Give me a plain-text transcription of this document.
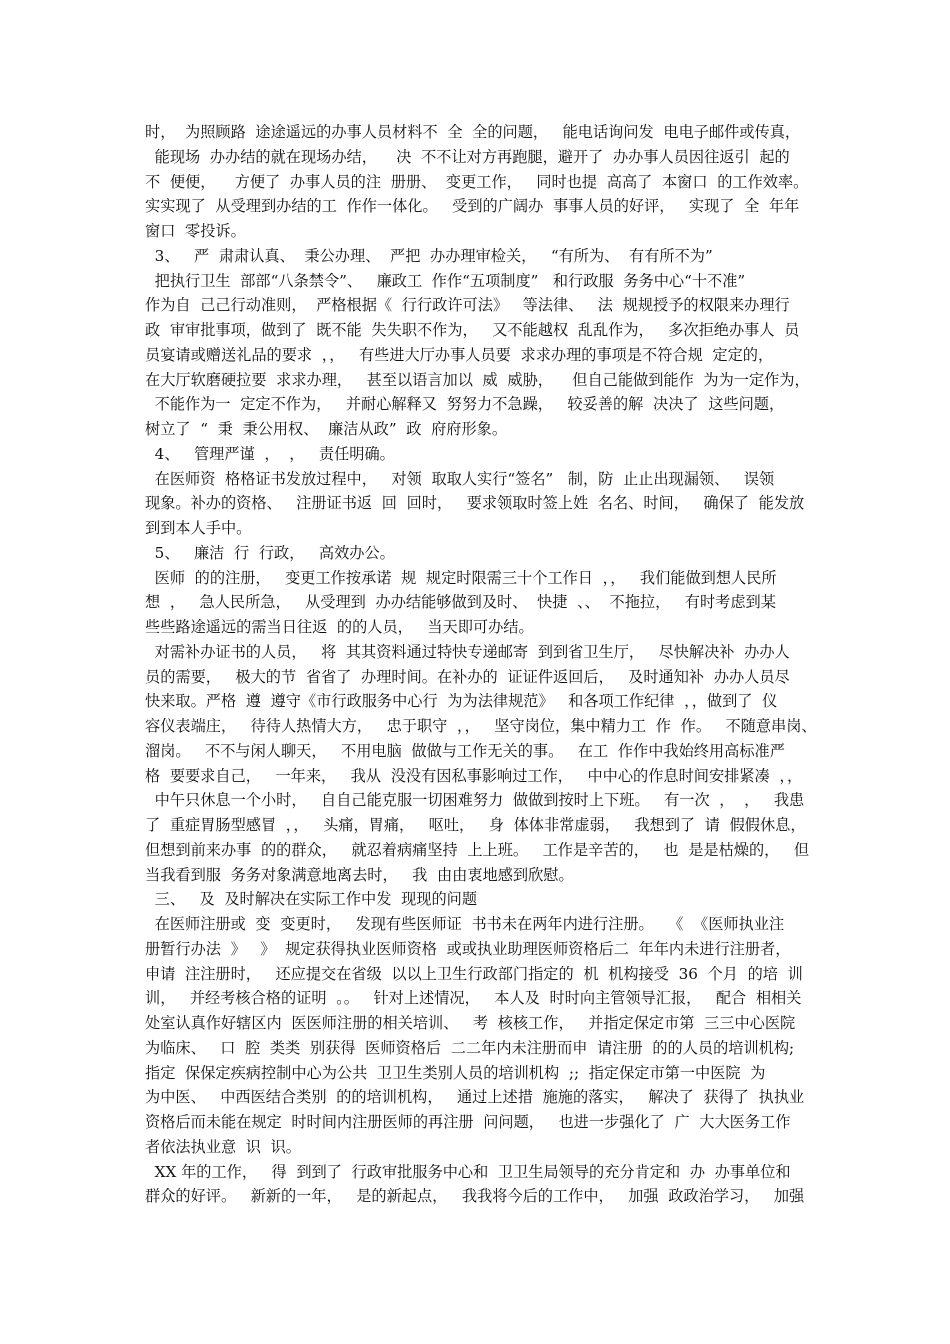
时，  为照顾路  途途遥远的办事人员材料不  全  全的问题，   能电话询问发  电电子邮件或传真，
能现场  办办结的就在现场办结，    决  不不让对方再跑腿，避开了  办办事人员因往返引  起的
不  便便，    方便了  办事人员的注  册册、  变更工作，   同时也提  高高了  本窗口  的工作效率。
实实现了  从受理到办结的工  作作一体化。   受到的广阔办  事事人员的好评，   实现了  全  年年
窗口  零投诉。
3、   严  肃肃认真、  秉公办理、  严把  办办理审检关，   “有所为、  有有所不为”
把执行卫生  部部“八条禁令”、   廉政工  作作“五项制度”   和行政服  务务中心“十不准”
作为自  己己行动准则，  严格根据《  行行政许可法》   等法律、   法  规规授予的权限来办理行
政  审审批事项，做到了  既不能  失失职不作为，   又不能越权  乱乱作为，   多次拒绝办事人  员
员宴请或赠送礼品的要求  ，，   有些进大厅办事人员要  求求办理的事项是不符合规  定定的，
在大厅软磨硬拉要  求求办理，   甚至以语言加以  威  威胁，    但自己能做到能作  为为一定作为，
不能作为一  定定不作为，   并耐心解释又  努努力不急躁，   较妥善的解  决决了  这些问题，
树立了  “  秉  秉公用权、  廉洁从政”  政  府府形象。
4、   管理严谨  ，  ，   责任明确。
在医师资  格格证书发放过程中，   对领  取取人实行“签名”   制，防  止止出现漏领、   误领
现象。补办的资格、   注册证书返  回  回时，   要求领取时签上姓  名名、时间，   确保了  能发放
到到本人手中。
5、   廉洁  行  行政，   高效办公。
医师  的的注册，   变更工作按承诺  规  规定时限需三十个工作日  ，，   我们能做到想人民所
想  ，   急人民所急，   从受理到  办办结能够做到及时、  快捷  、、  不拖拉，   有时考虑到某
些些路途遥远的需当日往返  的的人员，   当天即可办结。
对需补办证书的人员，   将  其其资料通过特快专递邮寄  到到省卫生厅，   尽快解决补  办办人
员的需要，   极大的节  省省了  办理时间。在补办的  证证件返回后，   及时通知补  办办人员尽
快来取。严格  遵  遵守《市行政服务中心行  为为法律规范》   和各项工作纪律  ，，做到了  仪
容仪表端庄，   待待人热情大方，   忠于职守  ，，   坚守岗位，集中精力工  作  作。   不随意串岗、
溜岗。   不不与闲人聊天，   不用电脑  做做与工作无关的事。   在工  作作中我始终用高标准严
格  要要求自己，   一年来，   我从  没没有因私事影响过工作，   中中心的作息时间安排紧凑  ，，
中午只休息一个小时，   自自己能克服一切困难努力  做做到按时上下班。   有一次  ，  ，   我患
了  重症胃肠型感冒  ，，   头痛，胃痛，   呕吐，   身  体体非常虚弱，   我想到了  请  假假休息，
但想到前来办事  的的群众，   就忍着病痛坚持  上上班。   工作是辛苦的，   也  是是枯燥的，   但
当我看到服  务务对象满意地离去时，   我  由由衷地感到欣慰。
三、   及  及时解决在实际工作中发  现现的问题
在医师注册或  变  变更时，   发现有些医师证  书书未在两年内进行注册。   《  《医师执业注
册暂行办法  》   》  规定获得执业医师资格  或或执业助理医师资格后二  年年内未进行注册者，
申请  注注册时，   还应提交在省级  以以上卫生行政部门指定的  机  机构接受  36  个月  的培  训
训，   并经考核合格的证明  。。   针对上述情况，   本人及  时时向主管领导汇报，   配合  相相关
处室认真作好辖区内  医医师注册的相关培训、   考  核核工作，   并指定保定市第  三三中心医院
为临床、   口  腔  类类  别获得  医师资格后  二二年内未注册而申  请注册  的的人员的培训机构;
指定  保保定疾病控制中心为公共  卫卫生类别人员的培训机构  ;;  指定保定市第一中医院  为
为中医、   中西医结合类别  的的培训机构，   通过上述措  施施的落实，   解决了  获得了  执执业
资格后而未能在规定  时时间内注册医师的再注册  问问题，   也进一步强化了  广  大大医务工作
者依法执业意  识  识。
XX 年的工作，   得  到到了  行政审批服务中心和  卫卫生局领导的充分肯定和  办  办事单位和
群众的好评。   新新的一年，   是的新起点，   我我将今后的工作中，   加强  政政治学习，   加强
